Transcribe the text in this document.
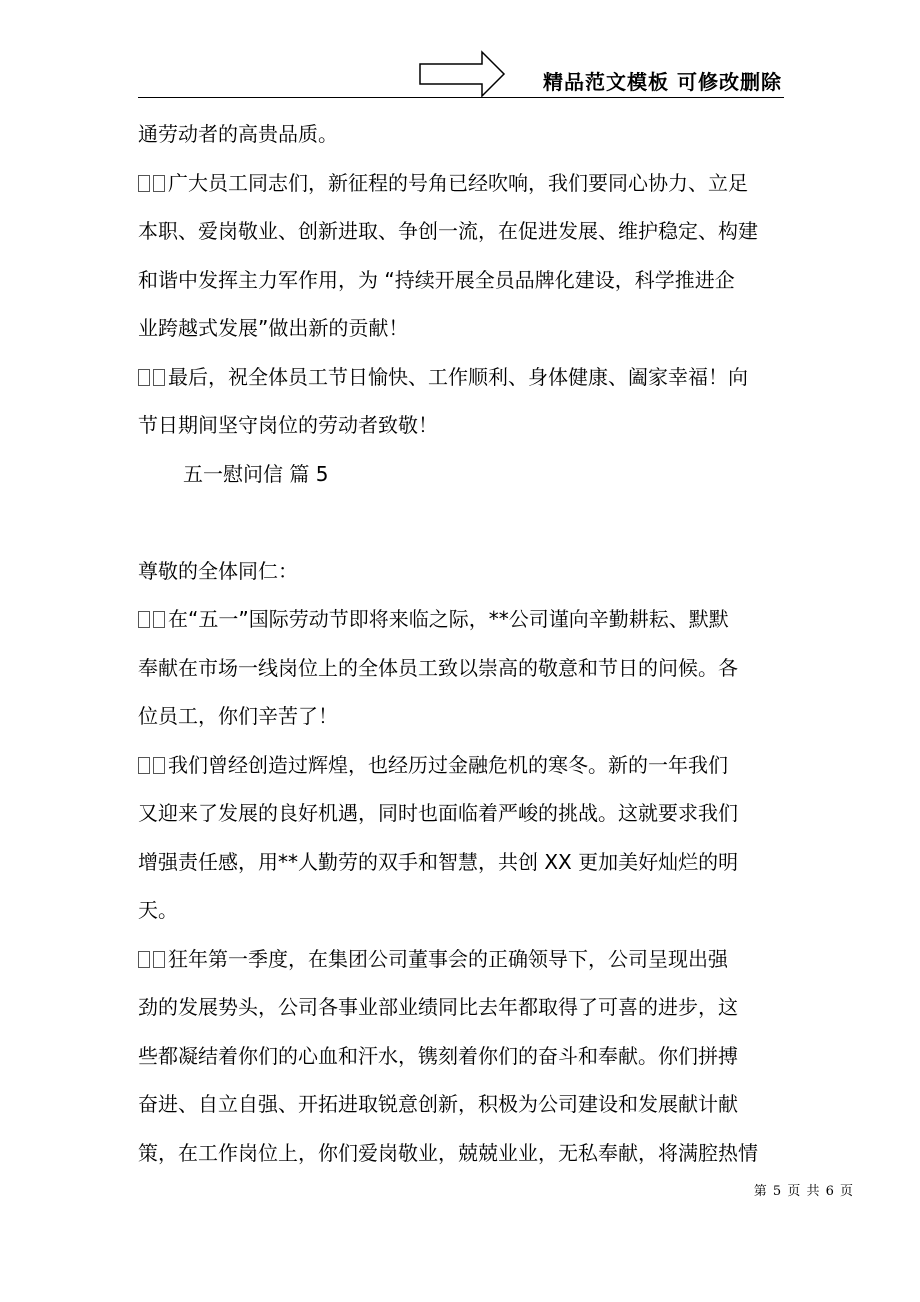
精品范文模板 可修改删除
通劳动者的高贵品质。
广大员工同志们，新征程的号角已经吹响，我们要同心协力、立足
本职、爱岗敬业、创新进取、争创一流，在促进发展、维护稳定、构建
和谐中发挥主力军作用，为 “持续开展全员品牌化建设，科学推进企
业跨越式发展”做出新的贡献！
最后，祝全体员工节日愉快、工作顺利、身体健康、阖家幸福！向
节日期间坚守岗位的劳动者致敬！
五一慰问信 篇 5
尊敬的全体同仁：
在“五一”国际劳动节即将来临之际，**公司谨向辛勤耕耘、默默
奉献在市场一线岗位上的全体员工致以崇高的敬意和节日的问候。各
位员工，你们辛苦了！
我们曾经创造过辉煌，也经历过金融危机的寒冬。新的一年我们
又迎来了发展的良好机遇，同时也面临着严峻的挑战。这就要求我们
增强责任感，用**人勤劳的双手和智慧，共创 XX 更加美好灿烂的明
天。
狂年第一季度，在集团公司董事会的正确领导下，公司呈现出强
劲的发展势头，公司各事业部业绩同比去年都取得了可喜的进步，这
些都凝结着你们的心血和汗水，镌刻着你们的奋斗和奉献。你们拼搏
奋进、自立自强、开拓进取锐意创新，积极为公司建设和发展献计献
策，在工作岗位上，你们爱岗敬业，兢兢业业，无私奉献，将满腔热情
第 5 页 共 6 页
